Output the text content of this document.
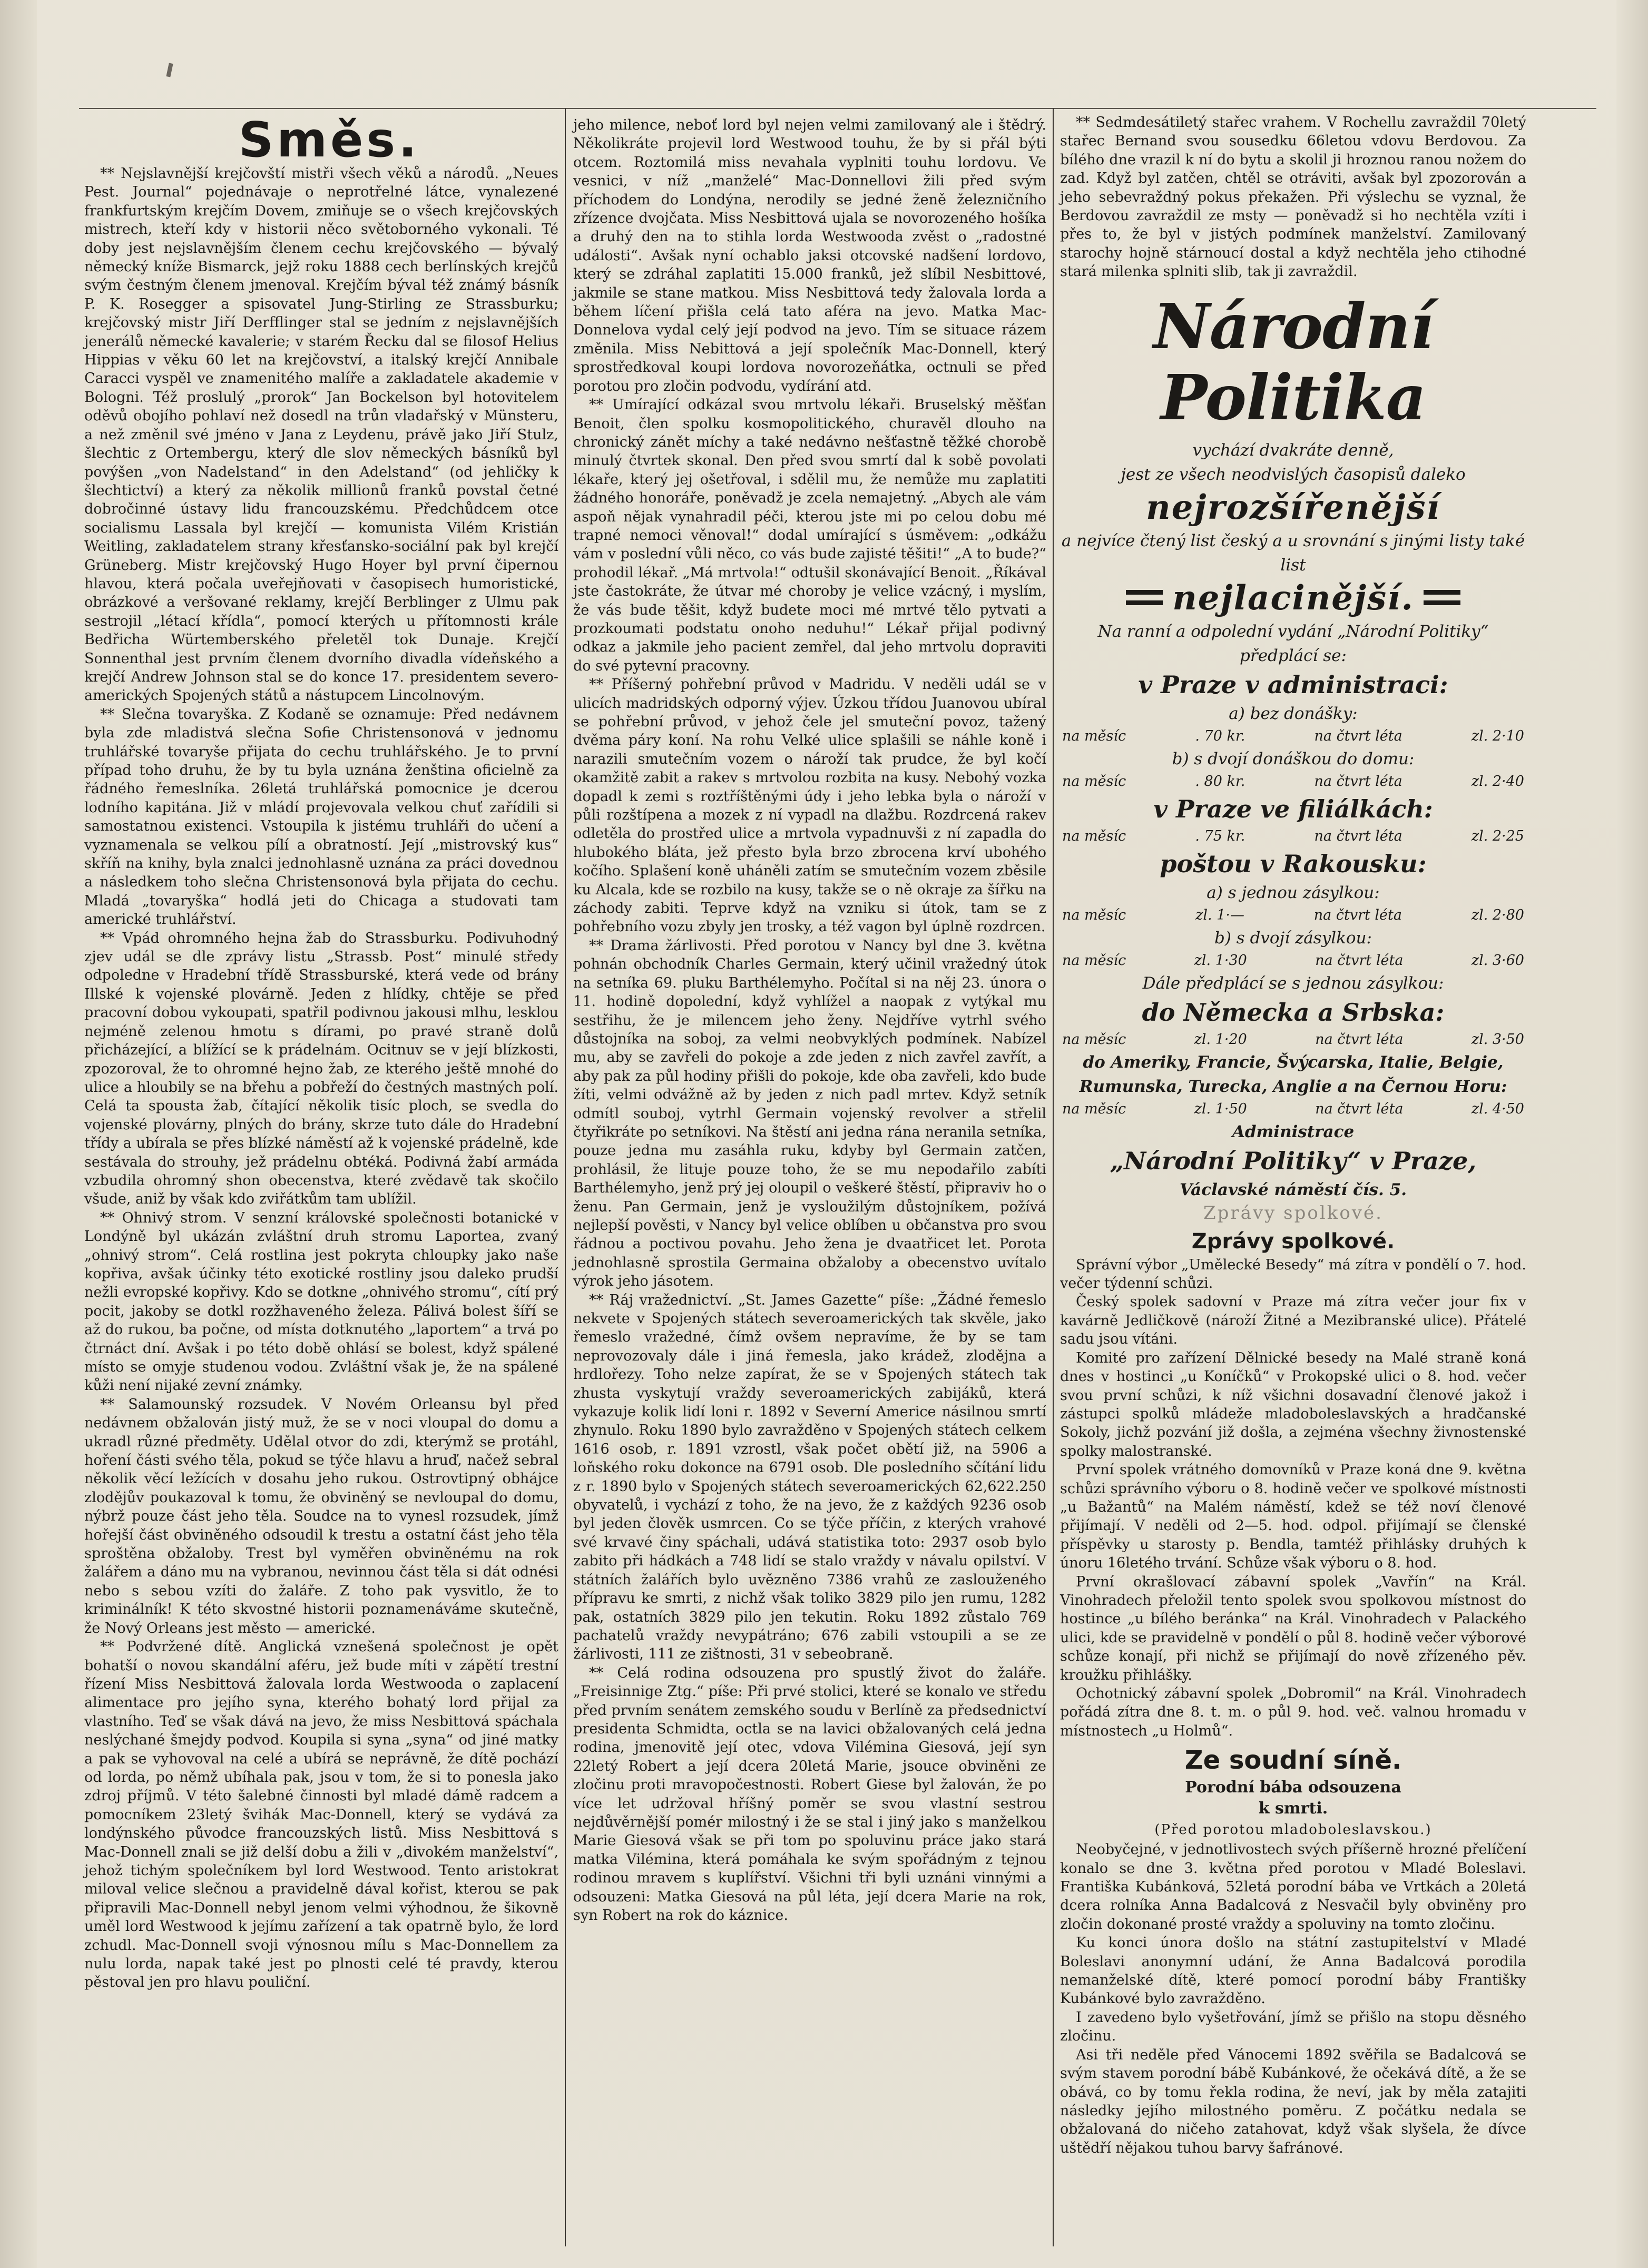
Směs.

** Nejslavnější krejčovští mistři všech věků a národů. „Neues Pest. Journal“ pojednávaje o neprotřelné látce, vynalezené frankfurtským krejčím Dovem, zmiňuje se o všech krejčovských mistrech, kteří kdy v historii něco světoborného vykonali. Té doby jest nejslavnějším členem cechu krejčovského — bývalý německý kníže Bismarck, jejž roku 1888 cech berlínských krejčů svým čestným členem jmenoval. Krejčím býval též známý básník P. K. Rosegger a spisovatel Jung-Stirling ze Strassburku; krejčovský mistr Jiří Derfflinger stal se jedním z nejslavnějších jenerálů německé kavalerie; v starém Řecku dal se filosof Helius Hippias v věku 60 let na krejčovství, a italský krejčí Annibale Caracci vyspěl ve znamenitého malíře a zakladatele akademie v Bologni. Též proslulý „prorok“ Jan Bockelson byl hotovitelem oděvů obojího pohlaví než dosedl na trůn vladařský v Münsteru, a než změnil své jméno v Jana z Leydenu, právě jako Jiří Stulz, šlechtic z Ortembergu, který dle slov německých básníků byl povýšen „von Nadelstand“ in den Adelstand“ (od jehličky k šlechtictví) a který za několik millionů franků povstal četné dobročinné ústavy lidu francouzskému. Předchůdcem otce socialismu Lassala byl krejčí — komunista Vilém Kristián Weitling, zakladatelem strany křesťansko-sociální pak byl krejčí Grüneberg. Mistr krejčovský Hugo Hoyer byl první čipernou hlavou, která počala uveřejňovati v časopisech humoristické, obrázkové a veršované reklamy, krejčí Berblinger z Ulmu pak sestrojil „létací křídla“, pomocí kterých u přítomnosti krále Bedřicha Würtemberského přeletěl tok Dunaje. Krejčí Sonnenthal jest prvním členem dvorního divadla vídeňského a krejčí Andrew Johnson stal se do konce 17. presidentem severo-amerických Spojených států a nástupcem Lincolnovým.

** Slečna tovaryška. Z Kodaně se oznamuje: Před nedávnem byla zde mladistvá slečna Sofie Christensonová v jednomu truhlářské tovaryše přijata do cechu truhlářského. Je to první případ toho druhu, že by tu byla uznána ženština oficielně za řádného řemeslníka. 26letá truhlářská pomocnice je dcerou lodního kapitána. Již v mládí projevovala velkou chuť zařídili si samostatnou existenci. Vstoupila k jistému truhláři do učení a vyznamenala se velkou pílí a obratností. Její „mistrovský kus“ skříň na knihy, byla znalci jednohlasně uznána za práci dovednou a následkem toho slečna Christensonová byla přijata do cechu. Mladá „tovaryška“ hodlá jeti do Chicaga a studovati tam americké truhlářství.

** Vpád ohromného hejna žab do Strassburku. Podivuhodný zjev udál se dle zprávy listu „Strassb. Post“ minulé středy odpoledne v Hradební třídě Strassburské, která vede od brány Illské k vojenské plovárně. Jeden z hlídky, chtěje se před pracovní dobou vykoupati, spatřil podivnou jakousi mlhu, lesklou nejméně zelenou hmotu s dírami, po pravé straně dolů přicházející, a blížící se k prádelnám. Ocitnuv se v její blízkosti, zpozoroval, že to ohromné hejno žab, ze kterého ještě mnohé do ulice a hloubily se na břehu a pobřeží do čestných mastných polí. Celá ta spousta žab, čítající několik tisíc ploch, se svedla do vojenské plovárny, plných do brány, skrze tuto dále do Hradební třídy a ubírala se přes blízké náměstí až k vojenské prádelně, kde sestávala do strouhy, jež prádelnu obtéká. Podivná žabí armáda vzbudila ohromný shon obecenstva, které zvědavě tak skočilo všude, aniž by však kdo zviřátkům tam ublížil.

** Ohnivý strom. V senzní královské společnosti botanické v Londýně byl ukázán zvláštní druh stromu Laportea, zvaný „ohnivý strom“. Celá rostlina jest pokryta chloupky jako naše kopřiva, avšak účinky této exotické rostliny jsou daleko prudší nežli evropské kopřivy. Kdo se dotkne „ohnivého stromu“, cítí prý pocit, jakoby se dotkl rozžhaveného železa. Pálivá bolest šíří se až do rukou, ba počne, od místa dotknutého „laportem“ a trvá po čtrnáct dní. Avšak i po této době ohlásí se bolest, když spálené místo se omyje studenou vodou. Zvláštní však je, že na spálené kůži není nijaké zevní známky.

** Salamounský rozsudek. V Novém Orleansu byl před nedávnem obžalován jistý muž, že se v noci vloupal do domu a ukradl různé předměty. Udělal otvor do zdi, kterýmž se protáhl, hoření části svého těla, pokud se týče hlavu a hruď, načež sebral několik věcí ležících v dosahu jeho rukou. Ostrovtipný obhájce zlodějův poukazoval k tomu, že obviněný se nevloupal do domu, nýbrž pouze část jeho těla. Soudce na to vynesl rozsudek, jímž hořejší část obviněného odsoudil k trestu a ostatní část jeho těla sproštěna obžaloby. Trest byl vyměřen obviněnému na rok žalářem a dáno mu na vybranou, nevinnou část těla si dát odnési nebo s sebou vzíti do žaláře. Z toho pak vysvitlo, že to kriminálník! K této skvostné historii poznamenáváme skutečně, že Nový Orleans jest město — americké.

** Podvržené dítě. Anglická vznešená společnost je opět bohatší o novou skandální aféru, jež bude míti v zápětí trestní řízení Miss Nesbittová žalovala lorda Westwooda o zaplacení alimentace pro jejího syna, kterého bohatý lord přijal za vlastního. Teď se však dává na jevo, že miss Nesbittová spáchala neslýchané šmejdy podvod. Koupila si syna „syna“ od jiné matky a pak se vyhovoval na celé a ubírá se neprávně, že dítě pochází od lorda, po němž ubíhala pak, jsou v tom, že si to ponesla jako zdroj příjmů. V této šalebné činnosti byl mladé dámě radcem a pomocníkem 23letý švihák Mac-Donnell, který se vydává za londýnského původce francouzských listů. Miss Nesbittová s Mac-Donnell znali se již delší dobu a žili v „divokém manželství“, jehož tichým společníkem byl lord Westwood. Tento aristokrat miloval velice slečnou a pravidelně dával kořist, kterou se pak připravili Mac-Donnell nebyl jenom velmi výhodnou, že šikovně uměl lord Westwood k jejímu zařízení a tak opatrně bylo, že lord zchudl. Mac-Donnell svoji výnosnou mílu s Mac-Donnellem za nulu lorda, napak také jest po plnosti celé té pravdy, kterou pěstoval jen pro hlavu pouliční.

jeho milence, neboť lord byl nejen velmi zamilovaný ale i štědrý. Několikráte projevil lord Westwood touhu, že by si přál býti otcem. Roztomilá miss nevahala vyplniti touhu lordovu. Ve vesnici, v níž „manželé“ Mac-Donnellovi žili před svým příchodem do Londýna, nerodily se jedné ženě železničního zřízence dvojčata. Miss Nesbittová ujala se novorozeného hošíka a druhý den na to stihla lorda Westwooda zvěst o „radostné události“. Avšak nyní ochablo jaksi otcovské nadšení lordovo, který se zdráhal zaplatiti 15.000 franků, jež slíbil Nesbittové, jakmile se stane matkou. Miss Nesbittová tedy žalovala lorda a během líčení přišla celá tato aféra na jevo. Matka Mac-Donnelova vydal celý její podvod na jevo. Tím se situace rázem změnila. Miss Nebittová a její společník Mac-Donnell, který sprostředkoval koupi lordova novorozeňátka, octnuli se před porotou pro zločin podvodu, vydírání atd.

** Umírající odkázal svou mrtvolu lékaři. Bruselský měšťan Benoit, člen spolku kosmopolitického, churavěl dlouho na chronický zánět míchy a také nedávno nešťastně těžké chorobě minulý čtvrtek skonal. Den před svou smrtí dal k sobě povolati lékaře, který jej ošetřoval, i sdělil mu, že nemůže mu zaplatiti žádného honoráře, poněvadž je zcela nemajetný. „Abych ale vám aspoň nějak vynahradil péči, kterou jste mi po celou dobu mé trapné nemoci věnoval!“ dodal umírající s úsměvem: „odkážu vám v poslední vůli něco, co vás bude zajisté těšiti!“ „A to bude?“ prohodil lékař. „Má mrtvola!“ odtušil skonávající Benoit. „Říkával jste častokráte, že útvar mé choroby je velice vzácný, i myslím, že vás bude těšit, když budete moci mé mrtvé tělo pytvati a prozkoumati podstatu onoho neduhu!“ Lékař přijal podivný odkaz a jakmile jeho pacient zemřel, dal jeho mrtvolu dopraviti do své pytevní pracovny.

** Příšerný pohřební průvod v Madridu. V neděli udál se v ulicích madridských odporný výjev. Úzkou třídou Juanovou ubíral se pohřební průvod, v jehož čele jel smuteční povoz, tažený dvěma páry koní. Na rohu Velké ulice splašili se náhle koně i narazili smutečním vozem o nároží tak prudce, že byl kočí okamžitě zabit a rakev s mrtvolou rozbita na kusy. Nebohý vozka dopadl k zemi s roztříštěnými údy i jeho lebka byla o nároží v půli rozštípena a mozek z ní vypadl na dlažbu. Rozdrcená rakev odletěla do prostřed ulice a mrtvola vypadnuvši z ní zapadla do hlubokého bláta, jež přesto byla brzo zbrocena krví ubohého kočího. Splašení koně uháněli zatím se smutečním vozem zběsile ku Alcala, kde se rozbilo na kusy, takže se o ně okraje za šířku na záchody zabiti. Teprve když na vzniku si útok, tam se z pohřebního vozu zbyly jen trosky, a též vagon byl úplně rozdrcen.

** Drama žárlivosti. Před porotou v Nancy byl dne 3. května pohnán obchodník Charles Germain, který učinil vražedný útok na setníka 69. pluku Barthélemyho. Počítal si na něj 23. února o 11. hodině dopolední, když vyhlížel a naopak z vytýkal mu sestřihu, že je milencem jeho ženy. Nejdříve vytrhl svého důstojníka na soboj, za velmi neobvyklých podmínek. Nabízel mu, aby se zavřeli do pokoje a zde jeden z nich zavřel zavřít, a aby pak za půl hodiny přišli do pokoje, kde oba zavřeli, kdo bude žíti, velmi odvážně až by jeden z nich padl mrtev. Když setník odmítl souboj, vytrhl Germain vojenský revolver a střelil čtyřikráte po setníkovi. Na štěstí ani jedna rána neranila setníka, pouze jedna mu zasáhla ruku, kdyby byl Germain zatčen, prohlásil, že lituje pouze toho, že se mu nepodařilo zabíti Barthélemyho, jenž prý jej oloupil o veškeré štěstí, připraviv ho o ženu. Pan Germain, jenž je vysloužilým důstojníkem, požívá nejlepší pověsti, v Nancy byl velice oblíben u občanstva pro svou řádnou a poctivou povahu. Jeho žena je dvaatřicet let. Porota jednohlasně sprostila Germaina obžaloby a obecenstvo uvítalo výrok jeho jásotem.

** Ráj vražednictví. „St. James Gazette“ píše: „Žádné řemeslo nekvete v Spojených státech severoamerických tak skvěle, jako řemeslo vražedné, čímž ovšem nepravíme, že by se tam neprovozovaly dále i jiná řemesla, jako krádež, zlodějna a hrdlořezy. Toho nelze zapírat, že se v Spojených státech tak zhusta vyskytují vraždy severoamerických zabijáků, která vykazuje kolik lidí loni r. 1892 v Severní Americe násilnou smrtí zhynulo. Roku 1890 bylo zavražděno v Spojených státech celkem 1616 osob, r. 1891 vzrostl, však počet obětí již, na 5906 a loňského roku dokonce na 6791 osob. Dle posledního sčítání lidu z r. 1890 bylo v Spojených státech severoamerických 62,622.250 obyvatelů, i vychází z toho, že na jevo, že z každých 9236 osob byl jeden člověk usmrcen. Co se týče příčin, z kterých vrahové své krvavé činy spáchali, udává statistika toto: 2937 osob bylo zabito při hádkách a 748 lidí se stalo vraždy v návalu opilství. V státních žalářích bylo uvězněno 7386 vrahů ze zaslouženého přípravu ke smrti, z nichž však toliko 3829 pilo jen rumu, 1282 pak, ostatních 3829 pilo jen tekutin. Roku 1892 zůstalo 769 pachatelů vraždy nevypátráno; 676 zabili vstoupili a se ze žárlivosti, 111 ze zištnosti, 31 v sebeobraně.

** Celá rodina odsouzena pro spustlý život do žaláře. „Freisinnige Ztg.“ píše: Při prvé stolici, které se konalo ve středu před prvním senátem zemského soudu v Berlíně za předsednictví presidenta Schmidta, octla se na lavici obžalovaných celá jedna rodina, jmenovitě její otec, vdova Vilémina Giesová, její syn 22letý Robert a její dcera 20letá Marie, jsouce obviněni ze zločinu proti mravopočestnosti. Robert Giese byl žalován, že po více let udržoval hříšný poměr se svou vlastní sestrou nejdůvěrnější pomér milostný i že se stal i jiný jako s manželkou Marie Giesová však se při tom po spoluvinu práce jako stará matka Vilémina, která pomáhala ke svým spořádným z tejnou rodinou mravem s kuplířství. Všichni tři byli uznáni vinnými a odsouzeni: Matka Giesová na půl léta, její dcera Marie na rok, syn Robert na rok do káznice.

** Sedmdesátiletý stařec vrahem. V Rochellu zavraždil 70letý stařec Bernand svou sousedku 66letou vdovu Berdovou. Za bílého dne vrazil k ní do bytu a skolil ji hroznou ranou nožem do zad. Když byl zatčen, chtěl se otráviti, avšak byl zpozorován a jeho sebevraždný pokus překažen. Při výslechu se vyznal, že Berdovou zavraždil ze msty — poněvadž si ho nechtěla vzíti i přes to, že byl v jistých podmínek manželství. Zamilovaný starochy hojně stárnoucí dostal a když nechtěla jeho ctihodné stará milenka splniti slib, tak ji zavraždil.

Národní Politika
vychází dvakráte denně,
jest ze všech neodvislých časopisů daleko
nejrozšířenější
a nejvíce čtený list český a u srovnání s jinými listy také list
nejlacinější.
Na ranní a odpolední vydání „Národní Politiky“ předplácí se:
v Praze v administraci:
a) bez donášky:
na měsíc	. 70 kr.	na čtvrt léta	zl. 2·10
b) s dvojí donáškou do domu:
na měsíc	. 80 kr.	na čtvrt léta	zl. 2·40
v Praze ve filiálkách:
na měsíc	. 75 kr.	na čtvrt léta	zl. 2·25
poštou v Rakousku:
a) s jednou zásylkou:
na měsíc	zl. 1·—	na čtvrt léta	zl. 2·80
b) s dvojí zásylkou:
na měsíc	zl. 1·30	na čtvrt léta	zl. 3·60
Dále předplácí se s jednou zásylkou:
do Německa a Srbska:
na měsíc	zl. 1·20	na čtvrt léta	zl. 3·50
do Ameriky, Francie, Švýcarska, Italie, Belgie, Rumunska, Turecka, Anglie a na Černou Horu:
na měsíc	zl. 1·50	na čtvrt léta	zl. 4·50
Administrace
„Národní Politiky“ v Praze,
Václavské náměstí čís. 5.
Zprávy spolkové.
Zprávy spolkové.

Správní výbor „Umělecké Besedy“ má zítra v pondělí o 7. hod. večer týdenní schůzi.

Český spolek sadovní v Praze má zítra večer jour fix v kavárně Jedličkově (nároží Žitné a Mezibranské ulice). Přátelé sadu jsou vítáni.

Komité pro zařízení Dělnické besedy na Malé straně koná dnes v hostinci „u Koníčků“ v Prokopské ulici o 8. hod. večer svou první schůzi, k níž všichni dosavadní členové jakož i zástupci spolků mládeže mladoboleslavských a hradčanské Sokoly, jichž pozvání již došla, a zejména všechny živnostenské spolky malostranské.

První spolek vrátného domovníků v Praze koná dne 9. května schůzi správního výboru o 8. hodině večer ve spolkové místnosti „u Bažantů“ na Malém náměstí, kdež se též noví členové přijímají. V neděli od 2—5. hod. odpol. přijímají se členské příspěvky u starosty p. Bendla, tamtéž přihlásky druhých k únoru 16letého trvání. Schůze však výboru o 8. hod.

První okrašlovací zábavní spolek „Vavřín“ na Král. Vinohradech přeložil tento spolek svou spolkovou místnost do hostince „u bílého beránka“ na Král. Vinohradech v Palackého ulici, kde se pravidelně v pondělí o půl 8. hodině večer výborové schůze konají, při nichž se přijímají do nově zřízeného pěv. kroužku přihlášky.

Ochotnický zábavní spolek „Dobromil“ na Král. Vinohradech pořádá zítra dne 8. t. m. o půl 9. hod. več. valnou hromadu v místnostech „u Holmů“.

Ze soudní síně.
Porodní bába odsouzena
k smrti.
(Před porotou mladoboleslavskou.)

Neobyčejné, v jednotlivostech svých příšerně hrozné přelíčení konalo se dne 3. května před porotou v Mladé Boleslavi. Františka Kubánková, 52letá porodní bába ve Vrtkách a 20letá dcera rolníka Anna Badalcová z Nesvačil byly obviněny pro zločin dokonané prosté vraždy a spoluviny na tomto zločinu.

Ku konci února došlo na státní zastupitelství v Mladé Boleslavi anonymní udání, že Anna Badalcová porodila nemanželské dítě, které pomocí porodní báby Františky Kubánkové bylo zavražděno.

I zavedeno bylo vyšetřování, jímž se přišlo na stopu děsného zločinu.

Asi tři neděle před Vánocemi 1892 svěřila se Badalcová se svým stavem porodní bábě Kubánkové, že očekává dítě, a že se obává, co by tomu řekla rodina, že neví, jak by měla zatajiti následky jejího milostného poměru. Z počátku nedala se obžalovaná do ničeho zatahovat, když však slyšela, že dívce uštědří nějakou tuhou barvy šafránové.
